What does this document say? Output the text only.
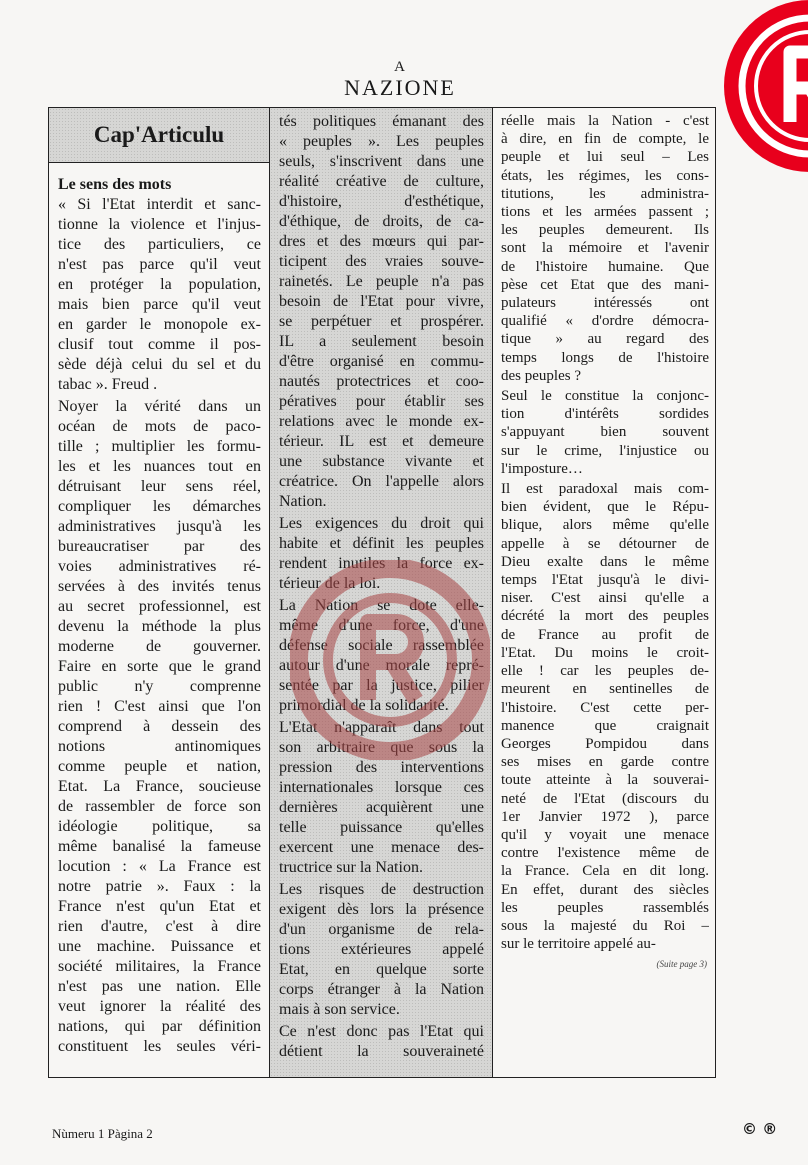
A
NAZIONE
Cap'Articulu
Le sens des mots
« Si l'Etat interdit et sanc-
tionne la violence et l'injus-
tice des particuliers, ce
n'est pas parce qu'il veut
en protéger la population,
mais bien parce qu'il veut
en garder le monopole ex-
clusif tout comme il pos-
sède déjà celui du sel et du
tabac ». Freud .
Noyer la vérité dans un
océan de mots de paco-
tille ; multiplier les formu-
les et les nuances tout en
détruisant leur sens réel,
compliquer les démarches
administratives jusqu'à les
bureaucratiser par des
voies administratives ré-
servées à des invités tenus
au secret professionnel, est
devenu la méthode la plus
moderne de gouverner.
Faire en sorte que le grand
public n'y comprenne
rien ! C'est ainsi que l'on
comprend à dessein des
notions antinomiques
comme peuple et nation,
Etat. La France, soucieuse
de rassembler de force son
idéologie politique, sa
même banalisé la fameuse
locution : « La France est
notre patrie ». Faux : la
France n'est qu'un Etat et
rien d'autre, c'est à dire
une machine. Puissance et
société militaires, la France
n'est pas une nation. Elle
veut ignorer la réalité des
nations, qui par définition
constituent les seules véri-
tés politiques émanant des
« peuples ». Les peuples
seuls, s'inscrivent dans une
réalité créative de culture,
d'histoire, d'esthétique,
d'éthique, de droits, de ca-
dres et des mœurs qui par-
ticipent des vraies souve-
rainetés. Le peuple n'a pas
besoin de l'Etat pour vivre,
se perpétuer et prospérer.
IL a seulement besoin
d'être organisé en commu-
nautés protectrices et coo-
pératives pour établir ses
relations avec le monde ex-
térieur. IL est et demeure
une substance vivante et
créatrice. On l'appelle alors
Nation.
Les exigences du droit qui
habite et définit les peuples
rendent inutiles la force ex-
térieur de la loi.
La Nation se dote elle-
même d'une force, d'une
défense sociale rassemblée
autour d'une morale repré-
sentée par la justice, pilier
primordial de la solidarité.
L'Etat n'apparaît dans tout
son arbitraire que sous la
pression des interventions
internationales lorsque ces
dernières acquièrent une
telle puissance qu'elles
exercent une menace des-
tructrice sur la Nation.
Les risques de destruction
exigent dès lors la présence
d'un organisme de rela-
tions extérieures appelé
Etat, en quelque sorte
corps étranger à la Nation
mais à son service.
Ce n'est donc pas l'Etat qui
détient la souveraineté
réelle mais la Nation - c'est
à dire, en fin de compte, le
peuple et lui seul – Les
états, les régimes, les cons-
titutions, les administra-
tions et les armées passent ;
les peuples demeurent. Ils
sont la mémoire et l'avenir
de l'histoire humaine. Que
pèse cet Etat que des mani-
pulateurs intéressés ont
qualifié « d'ordre démocra-
tique » au regard des
temps longs de l'histoire
des peuples ?
Seul le constitue la conjonc-
tion d'intérêts sordides
s'appuyant bien souvent
sur le crime, l'injustice ou
l'imposture…
Il est paradoxal mais com-
bien évident, que le Répu-
blique, alors même qu'elle
appelle à se détourner de
Dieu exalte dans le même
temps l'Etat jusqu'à le divi-
niser. C'est ainsi qu'elle a
décrété la mort des peuples
de France au profit de
l'Etat. Du moins le croit-
elle ! car les peuples de-
meurent en sentinelles de
l'histoire. C'est cette per-
manence que craignait
Georges Pompidou dans
ses mises en garde contre
toute atteinte à la souverai-
neté de l'Etat (discours du
1er Janvier 1972 ), parce
qu'il y voyait une menace
contre l'existence même de
la France. Cela en dit long.
En effet, durant des siècles
les peuples rassemblés
sous la majesté du Roi –
sur le territoire appelé au-
(Suite page 3)
Nùmeru 1 Pàgina 2	© ®
